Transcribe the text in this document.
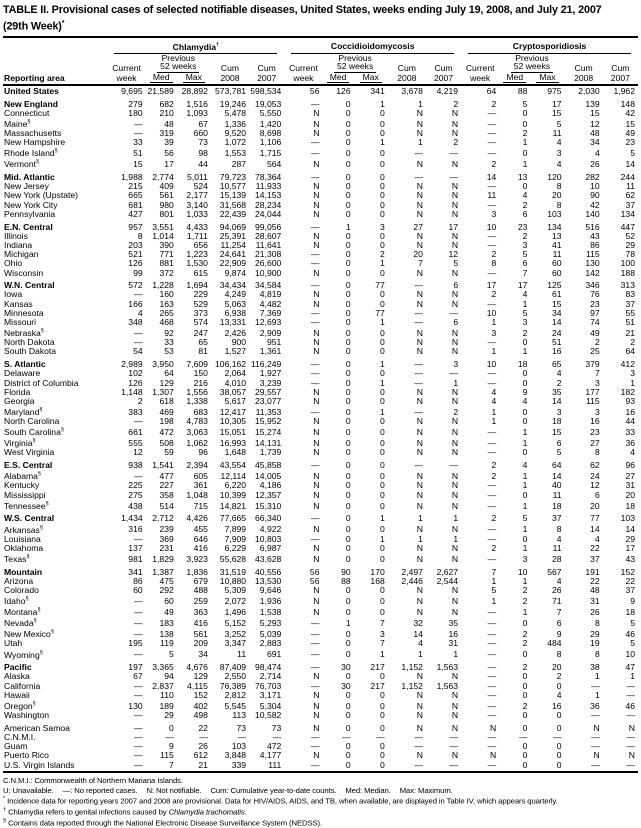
TABLE II. Provisional cases of selected notifiable diseases, United States, weeks ending July 19, 2008, and July 21, 2007
(29th Week)*

	Chlamydia†					Coccidioidomycosis					Cryptosporidiosis				

		Previous					Previous					Previous			
	Current	52 weeks		Cum	Cum	Current	52 weeks		Cum	Cum	Current	52 weeks		Cum	Cum
Reporting area	week	Med	Max	2008	2007	week	Med	Max	2008	2007	week	Med	Max	2008	2007
United States	9,695	21,589	28,892	573,781	598,534	56	126	341	3,678	4,219	64	88	975	2,030	1,962
New England	279	682	1,516	19,246	19,053	—	0	1	1	2	2	5	17	139	148
Connecticut	180	210	1,093	5,478	5,550	N	0	0	N	N	—	0	15	15	42
Maine§	—	48	67	1,336	1,420	N	0	0	N	N	—	0	5	12	15
Massachusetts	—	319	660	9,520	8,698	N	0	0	N	N	—	2	11	48	49
New Hampshire	33	39	73	1,072	1,106	—	0	1	1	2	—	1	4	34	23
Rhode Island§	51	56	98	1,553	1,715	—	0	0	—	—	—	0	3	4	5
Vermont§	15	17	44	287	564	N	0	0	N	N	2	1	4	26	14
Mid. Atlantic	1,988	2,774	5,011	79,723	78,364	—	0	0	—	—	14	13	120	282	244
New Jersey	215	409	524	10,577	11,933	N	0	0	N	N	—	0	8	10	11
New York (Upstate)	665	561	2,177	15,139	14,153	N	0	0	N	N	11	4	20	90	62
New York City	681	980	3,140	31,568	28,234	N	0	0	N	N	—	2	8	42	37
Pennsylvania	427	801	1,033	22,439	24,044	N	0	0	N	N	3	6	103	140	134
E.N. Central	957	3,551	4,433	94,069	99,056	—	1	3	27	17	10	23	134	516	447
Illinois	8	1,014	1,711	25,391	28,607	N	0	0	N	N	—	2	13	43	52
Indiana	203	390	656	11,254	11,641	N	0	0	N	N	—	3	41	86	29
Michigan	521	771	1,223	24,641	21,308	—	0	2	20	12	2	5	11	115	78
Ohio	126	881	1,530	22,909	26,600	—	0	1	7	5	8	6	60	130	100
Wisconsin	99	372	615	9,874	10,900	N	0	0	N	N	—	7	60	142	188
W.N. Central	572	1,228	1,694	34,434	34,584	—	0	77	—	6	17	17	125	346	313
Iowa	—	160	229	4,249	4,819	N	0	0	N	N	2	4	61	76	83
Kansas	166	163	529	5,063	4,482	N	0	0	N	N	—	1	15	23	37
Minnesota	4	265	373	6,938	7,369	—	0	77	—	—	10	5	34	97	55
Missouri	348	468	574	13,331	12,693	—	0	1	—	6	1	3	14	74	51
Nebraska§	—	92	247	2,426	2,909	N	0	0	N	N	3	2	24	49	21
North Dakota	—	33	65	900	951	N	0	0	N	N	—	0	51	2	2
South Dakota	54	53	81	1,527	1,361	N	0	0	N	N	1	1	16	25	64
S. Atlantic	2,989	3,950	7,609	106,162	116,249	—	0	1	—	3	10	18	65	379	412
Delaware	102	64	150	2,064	1,927	—	0	0	—	—	—	0	4	7	3
District of Columbia	126	129	216	4,010	3,239	—	0	1	—	1	—	0	2	3	1
Florida	1,148	1,307	1,556	38,057	29,557	N	0	0	N	N	4	9	35	177	182
Georgia	2	618	1,338	5,617	23,077	N	0	0	N	N	4	4	14	115	93
Maryland§	383	469	683	12,417	11,353	—	0	1	—	2	1	0	3	3	16
North Carolina	—	198	4,783	10,305	15,952	N	0	0	N	N	1	0	18	16	44
South Carolina§	661	472	3,063	15,051	15,274	N	0	0	N	N	—	1	15	23	33
Virginia§	555	508	1,062	16,993	14,131	N	0	0	N	N	—	1	6	27	36
West Virginia	12	59	96	1,648	1,739	N	0	0	N	N	—	0	5	8	4
E.S. Central	938	1,541	2,394	43,554	45,858	—	0	0	—	—	2	4	64	62	96
Alabama§	—	477	605	12,114	14,005	N	0	0	N	N	2	1	14	24	27
Kentucky	225	227	361	6,220	4,186	N	0	0	N	N	—	1	40	12	31
Mississippi	275	358	1,048	10,399	12,357	N	0	0	N	N	—	0	11	6	20
Tennessee§	438	514	715	14,821	15,310	N	0	0	N	N	—	1	18	20	18
W.S. Central	1,434	2,712	4,426	77,665	66,340	—	0	1	1	1	2	5	37	77	103
Arkansas§	316	239	455	7,899	4,922	N	0	0	N	N	—	1	8	14	14
Louisiana	—	369	646	7,909	10,803	—	0	1	1	1	—	0	4	4	29
Oklahoma	137	231	416	6,229	6,987	N	0	0	N	N	2	1	11	22	17
Texas§	981	1,829	3,923	55,628	43,628	N	0	0	N	N	—	3	28	37	43
Mountain	341	1,387	1,836	31,519	40,556	56	90	170	2,497	2,627	7	10	567	191	152
Arizona	86	475	679	10,880	13,530	56	88	168	2,446	2,544	1	1	4	22	22
Colorado	60	292	488	5,309	9,646	N	0	0	N	N	5	2	26	48	37
Idaho§	—	60	259	2,072	1,936	N	0	0	N	N	1	2	71	31	9
Montana§	—	49	363	1,496	1,538	N	0	0	N	N	—	1	7	26	18
Nevada§	—	183	416	5,152	5,293	—	1	7	32	35	—	0	6	8	5
New Mexico§	—	138	561	3,252	5,039	—	0	3	14	16	—	2	9	29	46
Utah	195	119	209	3,347	2,883	—	0	7	4	31	—	2	484	19	5
Wyoming§	—	5	34	11	691	—	0	1	1	1	—	0	8	8	10
Pacific	197	3,365	4,676	87,409	98,474	—	30	217	1,152	1,563	—	2	20	38	47
Alaska	67	94	129	2,550	2,714	N	0	0	N	N	—	0	2	1	1
California	—	2,837	4,115	76,389	76,703	—	30	217	1,152	1,563	—	0	0	—	—
Hawaii	—	110	152	2,812	3,171	N	0	0	N	N	—	0	4	1	—
Oregon§	130	189	402	5,545	5,304	N	0	0	N	N	—	2	16	36	46
Washington	—	29	498	113	10,582	N	0	0	N	N	—	0	0	—	—
American Samoa	—	0	22	73	73	N	0	0	N	N	N	0	0	N	N
C.N.M.I.	—	—	—	—	—	—	—	—	—	—	—	—	—	—	—
Guam	—	9	26	103	472	—	0	0	—	—	—	0	0	—	—
Puerto Rico	—	115	612	3,848	4,177	N	0	0	N	N	N	0	0	N	N
U.S. Virgin Islands	—	7	21	339	111	—	0	0	—	—	—	0	0	—	—
C.N.M.I.: Commonwealth of Northern Mariana Islands.
U: Unavailable. —: No reported cases. N: Not notifiable. Cum: Cumulative year-to-date counts. Med: Median. Max: Maximum.
* Incidence data for reporting years 2007 and 2008 are provisional. Data for HIV/AIDS, AIDS, and TB, when available, are displayed in Table IV, which appears quarterly.
† Chlamydia refers to genital infections caused by Chlamydia trachomatis.
§ Contains data reported through the National Electronic Disease Surveillance System (NEDSS).
